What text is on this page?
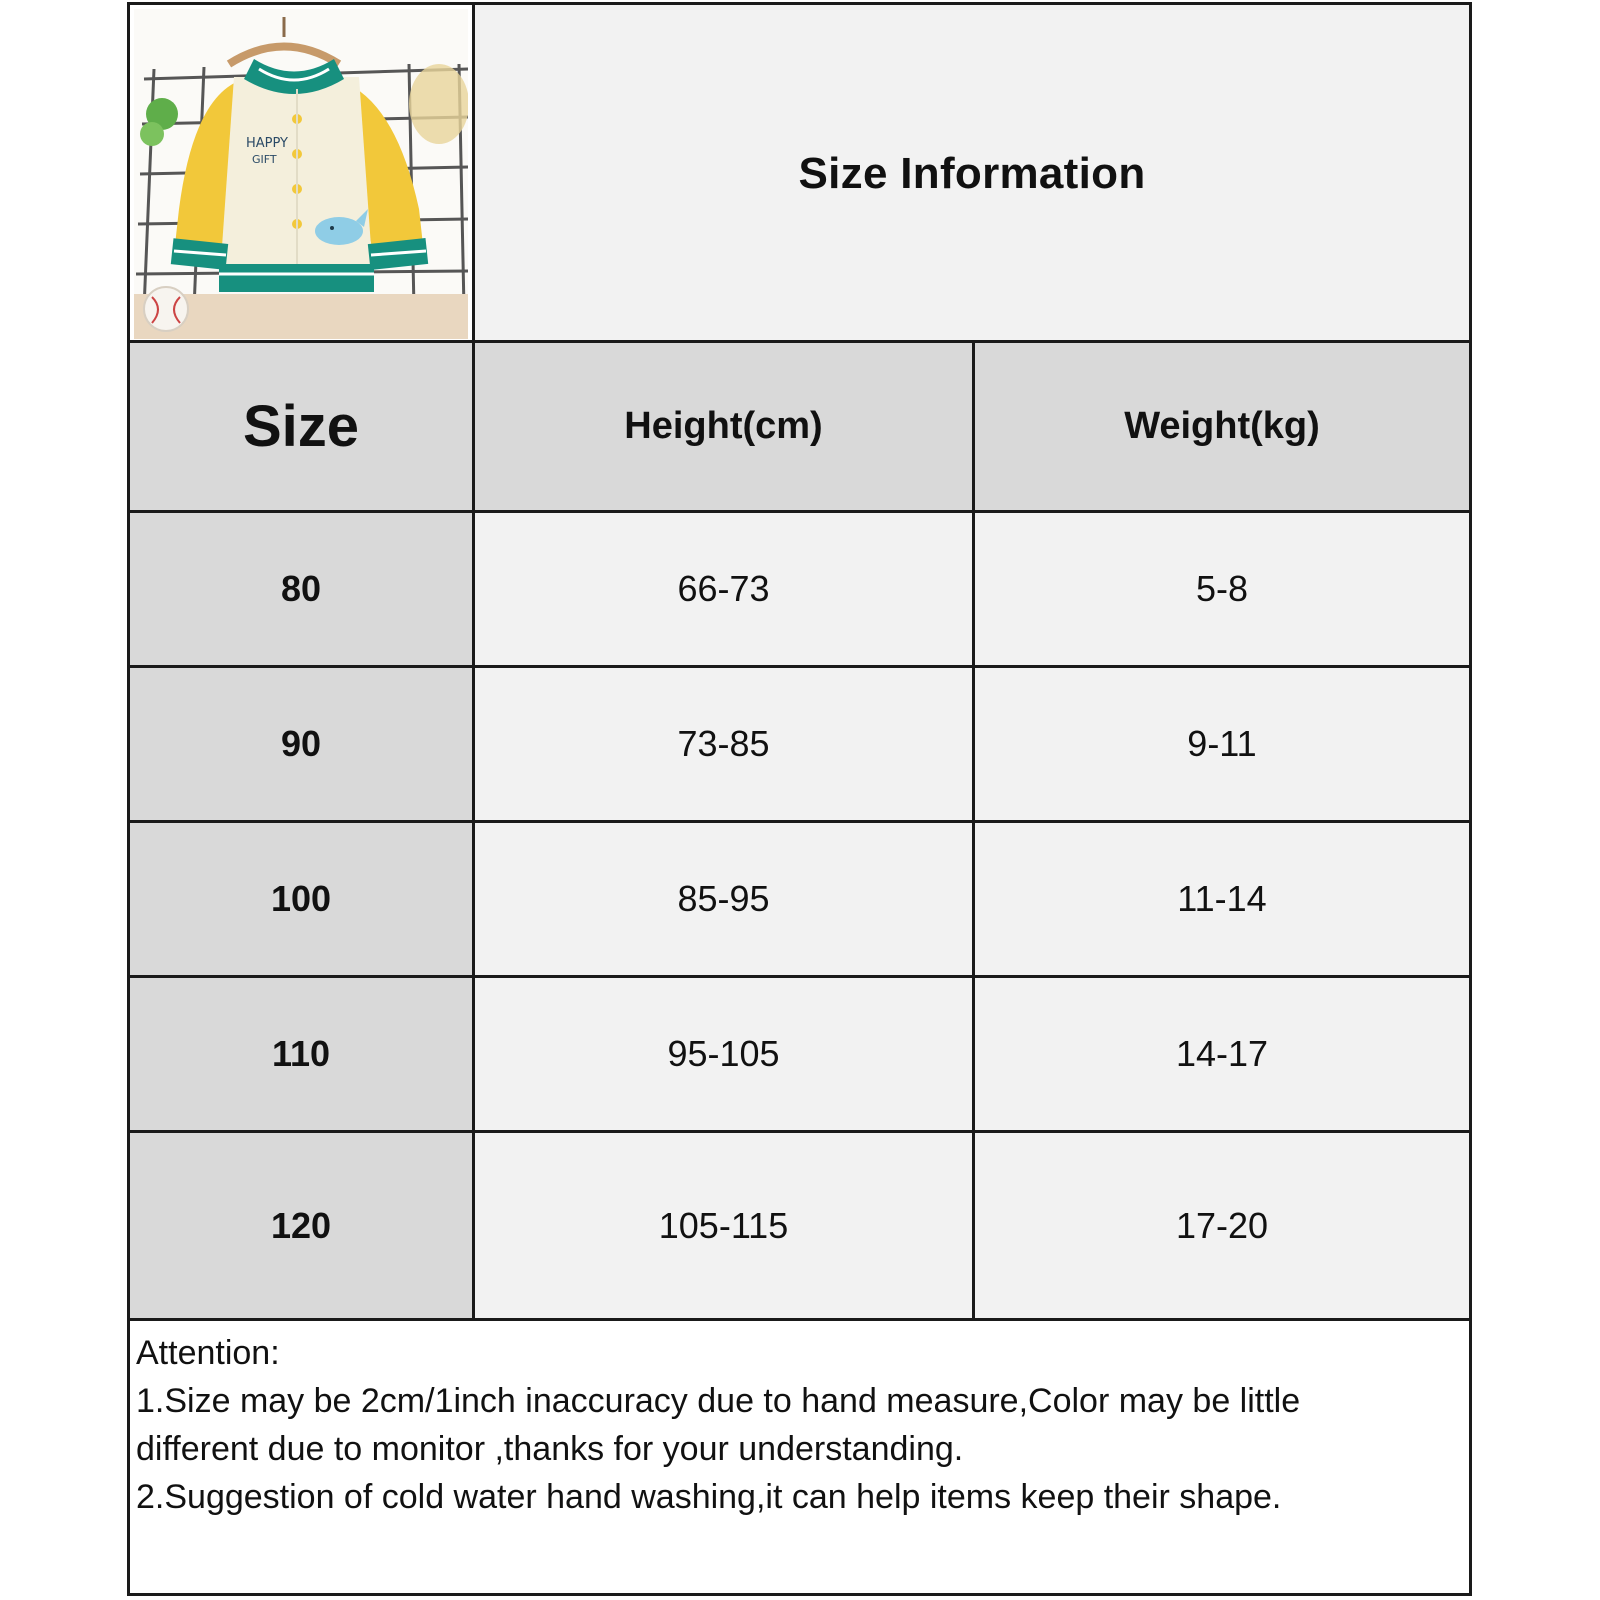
HAPPY
GIFT	Size Information
Size	Height(cm)	Weight(kg)
80	66-73	5-8
90	73-85	9-11
100	85-95	11-14
110	95-105	14-17
120	105-115	17-20

Attention:

1.Size may be 2cm/1inch inaccuracy due to hand measure,Color may be little

different due to monitor ,thanks for your understanding.

2.Suggestion of cold water hand washing,it can help items keep their shape.
